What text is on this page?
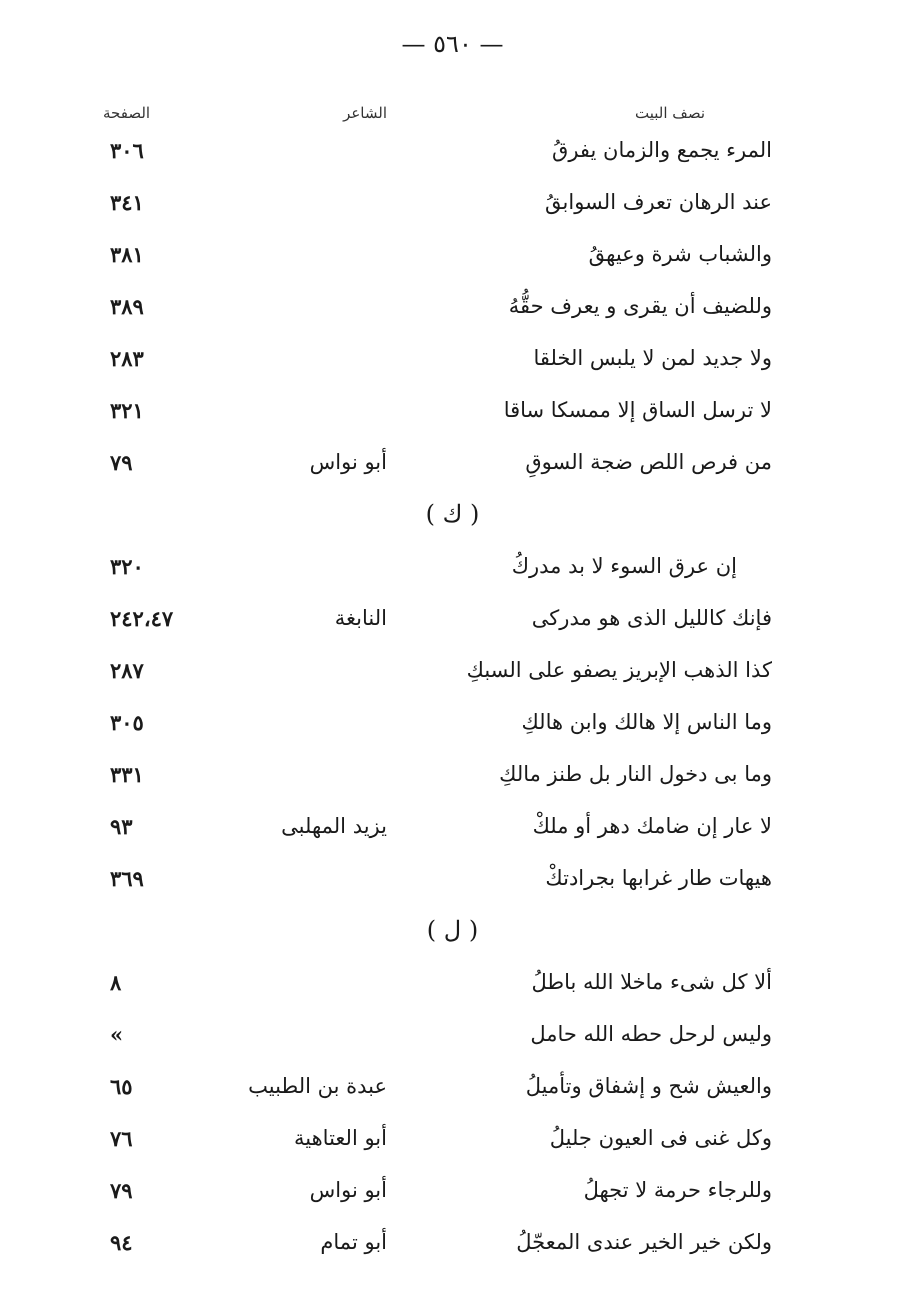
— ٥٦٠ —
نصف البيت
الشاعر
الصفحة
المرء يجمع والزمان يفرقُ
٣٠٦
عند الرهان تعرف السوابقُ
٣٤١
والشباب شرة وعيهقُ
٣٨١
وللضيف أن يقرى و يعرف حقُّهُ
٣٨٩
ولا جديد لمن لا يلبس الخلقا
٢٨٣
لا ترسل الساق إلا ممسكا ساقا
٣٢١
من فرص اللص ضجة السوقِ
أبو نواس
٧٩
( ك )
إن عرق السوء لا بد مدركُ
٣٢٠
فإنك كالليل الذى هو مدركى
النابغة
٢٤٢،٤٧
كذا الذهب الإبريز يصفو على السبكِ
٢٨٧
وما الناس إلا هالك وابن هالكِ
٣٠٥
وما بى دخول النار بل طنز مالكِ
٣٣١
لا عار إن ضامك دهر أو ملكْ
يزيد المهلبى
٩٣
هيهات طار غرابها بجرادتكْ
٣٦٩
( ل )
ألا كل شىء ماخلا الله باطلُ
٨
وليس لرحل حطه الله حامل
»
والعيش شح و إشفاق وتأميلُ
عبدة بن الطبيب
٦٥
وكل غنى فى العيون جليلُ
أبو العتاهية
٧٦
وللرجاء حرمة لا تجهلُ
أبو نواس
٧٩
ولكن خير الخير عندى المعجّلُ
أبو تمام
٩٤
